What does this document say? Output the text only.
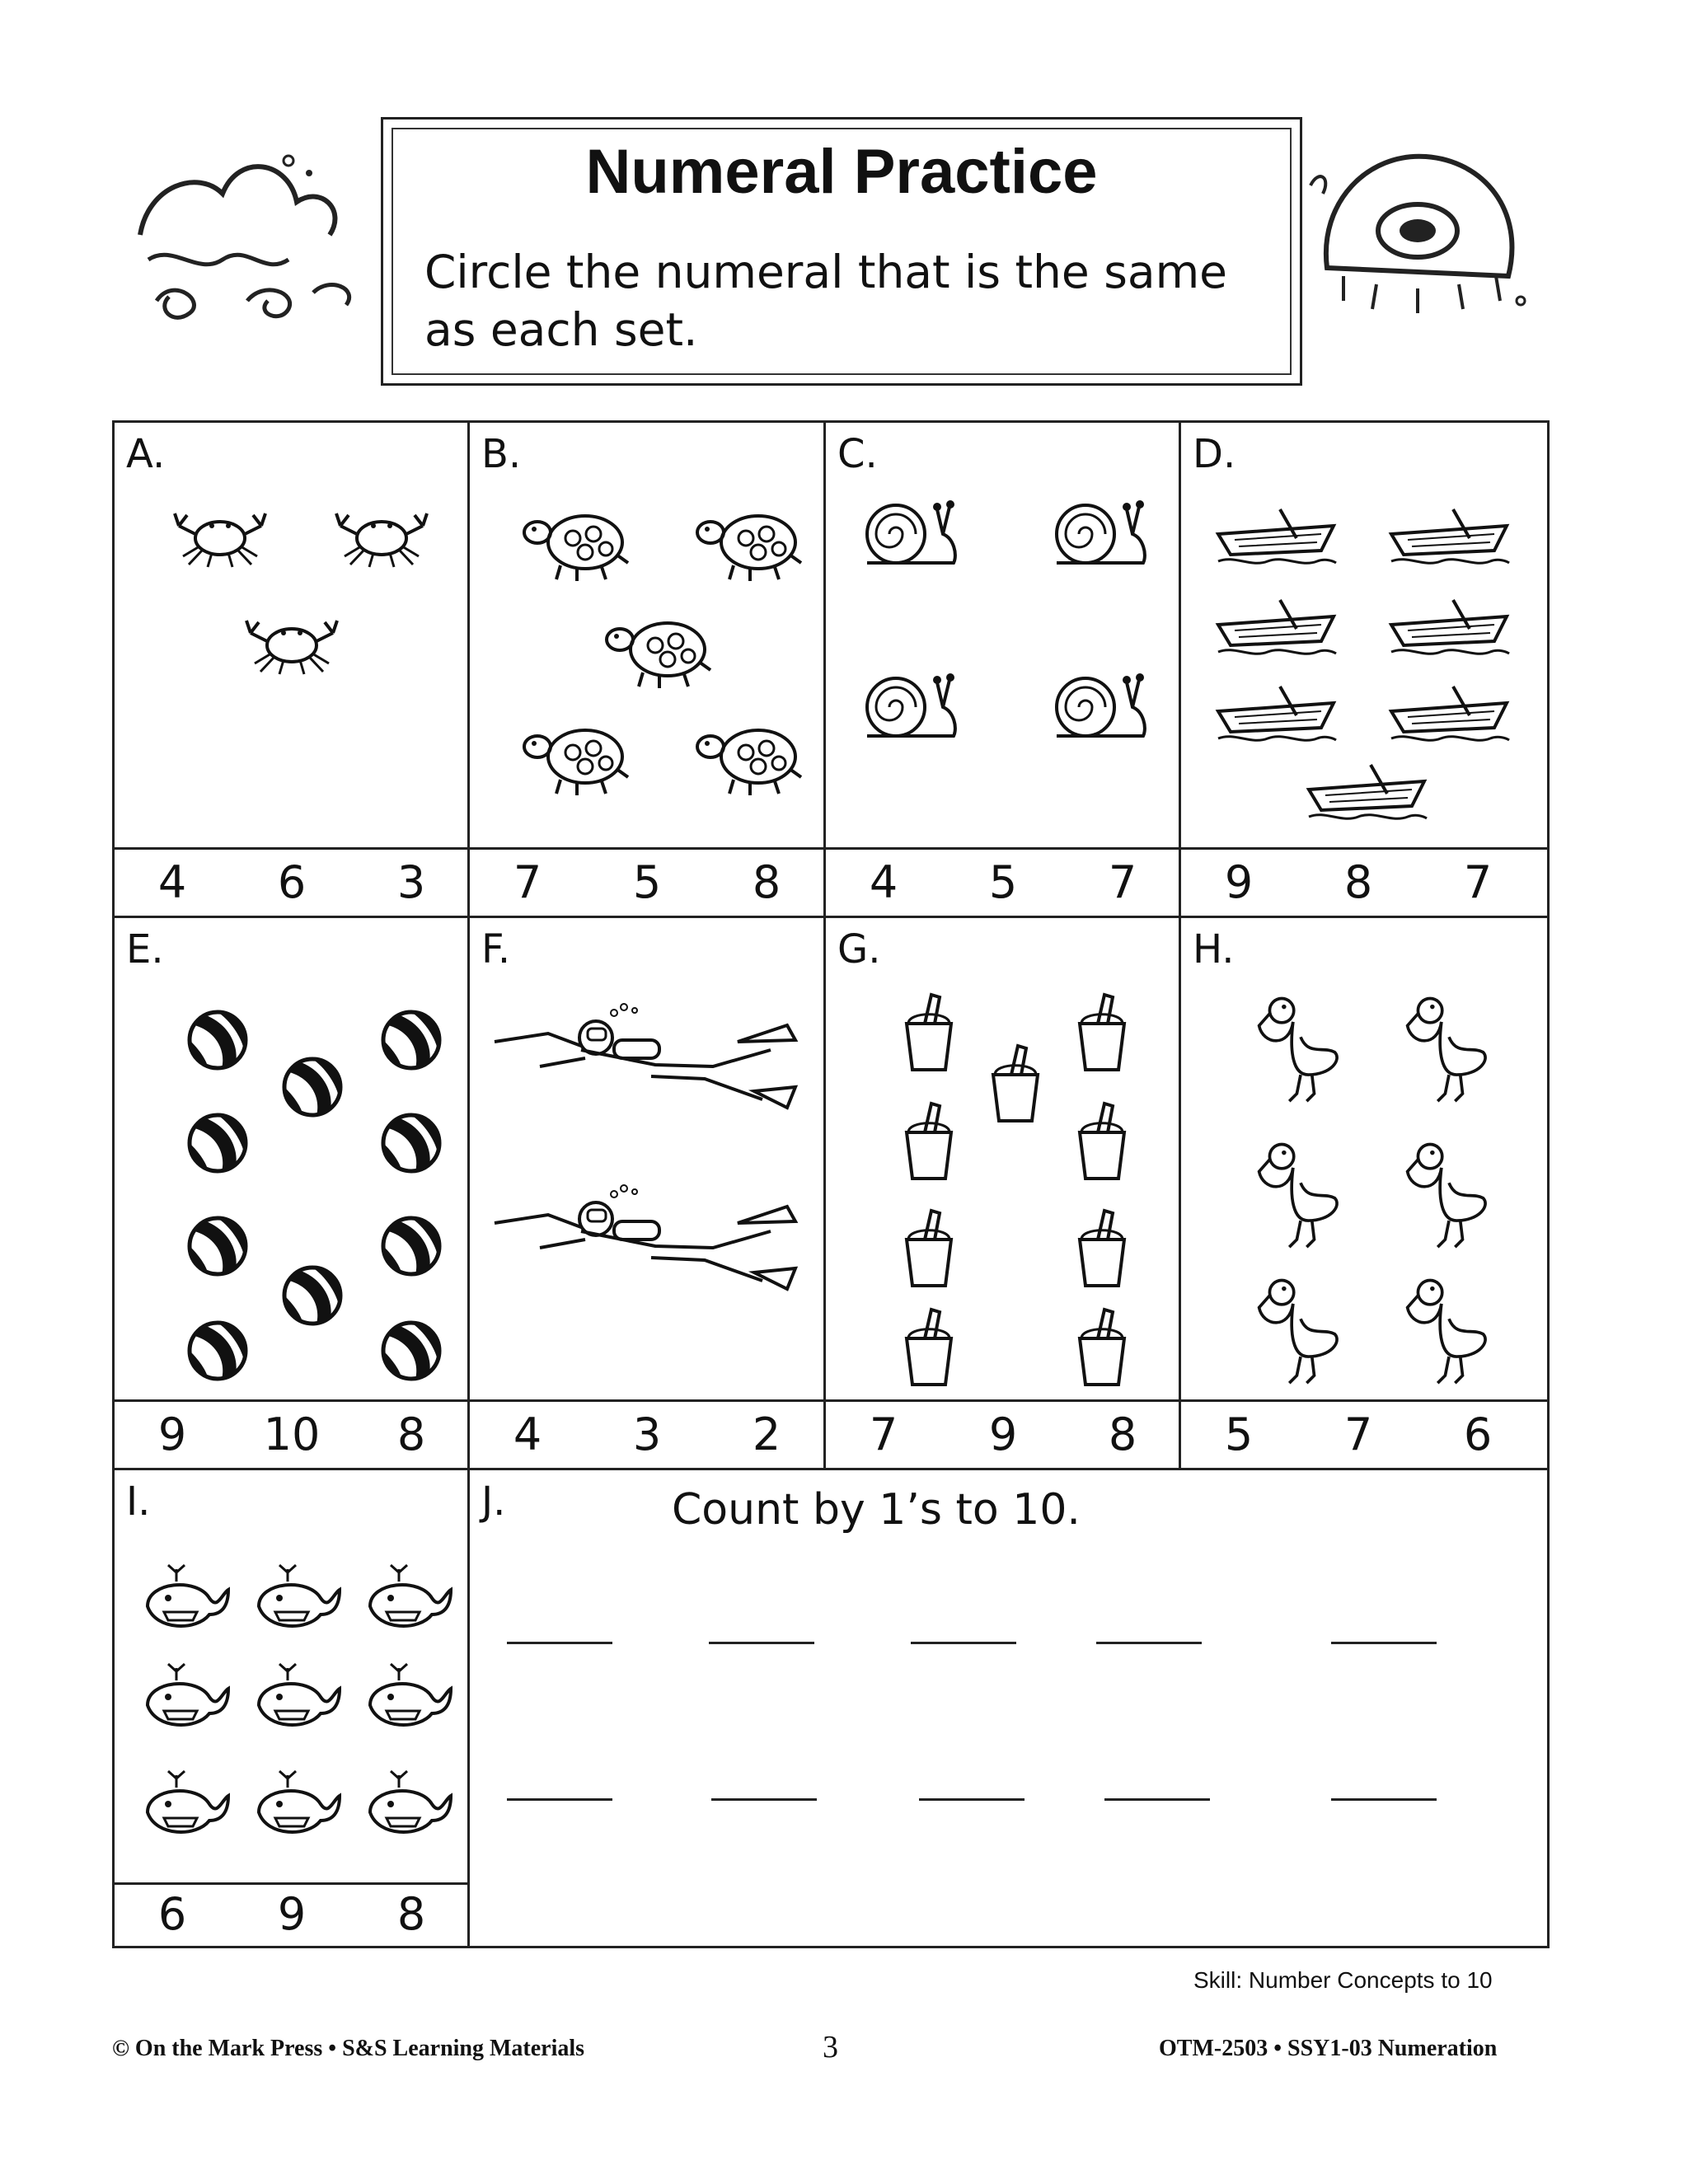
Numeral Practice
Circle the numeral that is the same as each set.
A.
4	6	3
B.
7	5	8
C.
4	5	7
D.
9	8	7
E.
9	10	8
F.
4	3	2
G.
7	9	8
H.
5	7	6
I.
6	9	8
J.	Count by 1’s to 10.
Skill: Number Concepts to 10
© On the Mark Press • S&S Learning Materials	3	OTM-2503 • SSY1-03 Numeration
